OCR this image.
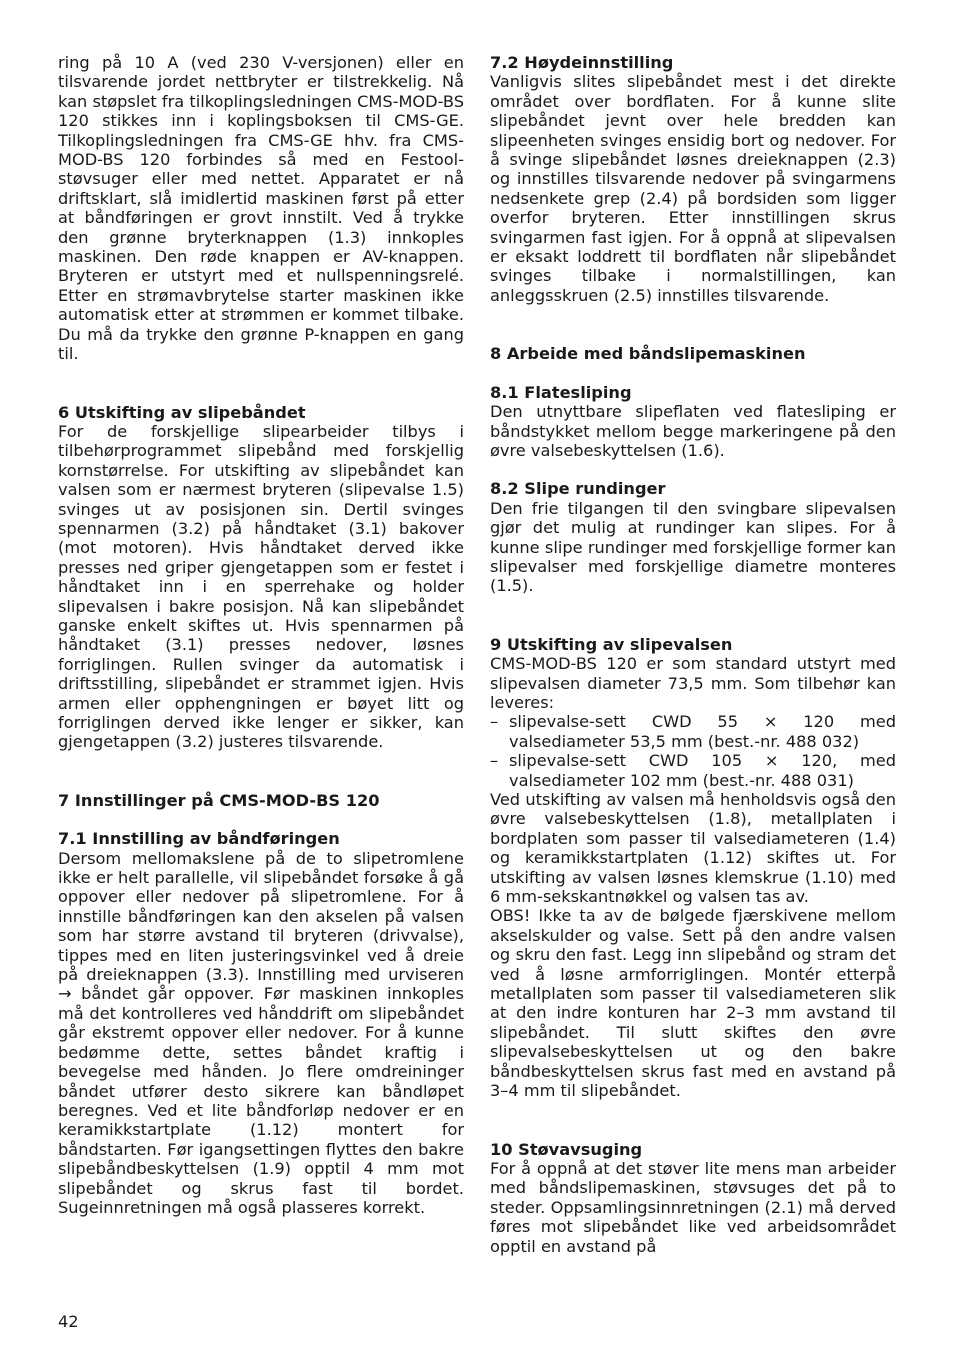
ring på 10 A (ved 230 V-versjonen) eller en tilsvarende jordet nettbryter er tilstrekkelig. Nå kan støpslet fra tilkoplingsledningen CMS-MOD-BS 120 stikkes inn i koplingsboksen til CMS-GE. Tilkoplingsledningen fra CMS-GE hhv. fra CMS-MOD-BS 120 forbindes så med en Festool-støvsuger eller med nettet. Apparatet er nå driftsklart, slå imidlertid maskinen først på etter at båndføringen er grovt innstilt. Ved å trykke den grønne bryterknappen (1.3) innkoples maskinen. Den røde knappen er AV-knappen. Bryteren er utstyrt med et nullspenningsrelé. Etter en strømavbrytelse starter maskinen ikke automatisk etter at strømmen er kommet tilbake. Du må da trykke den grønne P-knappen en gang til.

6 Utskifting av slipebåndet

For de forskjellige slipearbeider tilbys i tilbehørprogrammet slipebånd med forskjellig kornstørrelse. For utskifting av slipebåndet kan valsen som er nærmest bryteren (slipevalse 1.5) svinges ut av posisjonen sin. Dertil svinges spennarmen (3.2) på håndtaket (3.1) bakover (mot motoren). Hvis håndtaket derved ikke presses ned griper gjengetappen som er festet i håndtaket inn i en sperrehake og holder slipevalsen i bakre posisjon. Nå kan slipebåndet ganske enkelt skiftes ut. Hvis spennarmen på håndtaket (3.1) presses nedover, løsnes forriglingen. Rullen svinger da automatisk i driftsstilling, slipebåndet er strammet igjen. Hvis armen eller opphengningen er bøyet litt og forriglingen derved ikke lenger er sikker, kan gjengetappen (3.2) justeres tilsvarende.

7 Innstillinger på CMS-MOD-BS 120
7.1 Innstilling av båndføringen

Dersom mellomakslene på de to slipetromlene ikke er helt parallelle, vil slipebåndet forsøke å gå oppover eller nedover på slipetromlene. For å innstille båndføringen kan den akselen på valsen som har større avstand til bryteren (drivvalse), tippes med en liten justeringsvinkel ved å dreie på dreieknappen (3.3). Innstilling med urviseren → båndet går oppover. Før maskinen innkoples må det kontrolleres ved hånddrift om slipebåndet går ekstremt oppover eller nedover. For å kunne bedømme dette, settes båndet kraftig i bevegelse med hånden. Jo flere omdreininger båndet utfører desto sikrere kan båndløpet beregnes. Ved et lite båndforløp nedover er en keramikkstartplate (1.12) montert for båndstarten. Før igangsettingen flyttes den bakre slipebåndbeskyttelsen (1.9) opptil 4 mm mot slipebåndet og skrus fast til bordet. Sugeinnretningen må også plasseres korrekt.

7.2 Høydeinnstilling

Vanligvis slites slipebåndet mest i det direkte området over bordflaten. For å kunne slite slipebåndet jevnt over hele bredden kan slipeenheten svinges ensidig bort og nedover. For å svinge slipebåndet løsnes dreieknappen (2.3) og innstilles tilsvarende nedover på svingarmens nedsenkete grep (2.4) på bordsiden som ligger overfor bryteren. Etter innstillingen skrus svingarmen fast igjen. For å oppnå at slipevalsen er eksakt loddrett til bordflaten når slipebåndet svinges tilbake i normalstillingen, kan anleggsskruen (2.5) innstilles tilsvarende.

8 Arbeide med båndslipemaskinen
8.1 Flatesliping

Den utnyttbare slipeflaten ved flatesliping er båndstykket mellom begge markeringene på den øvre valsebeskyttelsen (1.6).

8.2 Slipe rundinger

Den frie tilgangen til den svingbare slipevalsen gjør det mulig at rundinger kan slipes. For å kunne slipe rundinger med forskjellige former kan slipevalser med forskjellige diametre monteres (1.5).

9 Utskifting av slipevalsen

CMS-MOD-BS 120 er som standard utstyrt med slipevalsen diameter 73,5 mm. Som tilbehør kan leveres:

– slipevalse-sett CWD 55 × 120 med valsediameter 53,5 mm (best.-nr. 488 032)
– slipevalse-sett CWD 105 × 120, med valsediameter 102 mm (best.-nr. 488 031)

Ved utskifting av valsen må henholdsvis også den øvre valsebeskyttelsen (1.8), metallplaten i bordplaten som passer til valsediameteren (1.4) og keramikkstartplaten (1.12) skiftes ut. For utskifting av valsen løsnes klemskrue (1.10) med 6 mm-sekskantnøkkel og valsen tas av.

OBS! Ikke ta av de bølgede fjærskivene mellom akselskulder og valse. Sett på den andre valsen og skru den fast. Legg inn slipebånd og stram det ved å løsne armforriglingen. Montér etterpå metallplaten som passer til valsediameteren slik at den indre konturen har 2–3 mm avstand til slipebåndet. Til slutt skiftes den øvre slipevalsebeskyttelsen ut og den bakre båndbeskyttelsen skrus fast med en avstand på 3–4 mm til slipebåndet.

10 Støvavsuging

For å oppnå at det støver lite mens man arbeider med båndslipemaskinen, støvsuges det på to steder. Oppsamlingsinnretningen (2.1) må derved føres mot slipebåndet like ved arbeidsområdet opptil en avstand på

42
